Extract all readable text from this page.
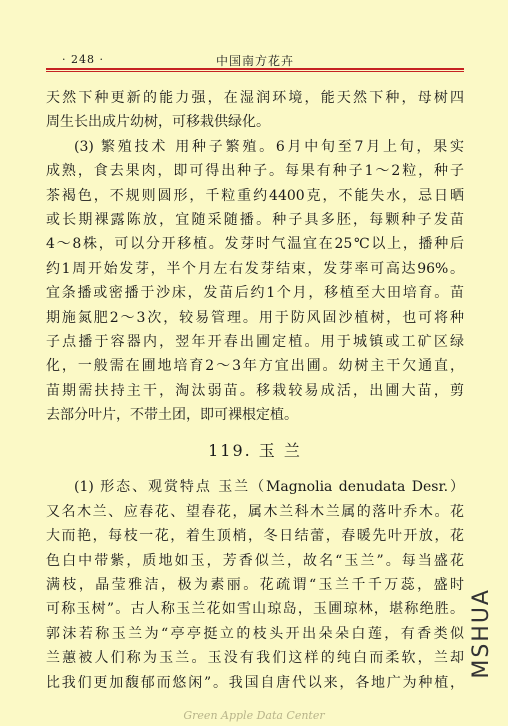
· 248 ·	中国南方花卉
天然下种更新的能力强，在湿润环境，能天然下种，母树四
周生长出成片幼树，可移栽供绿化。
(3) 繁殖技术 用种子繁殖。6月中旬至7月上旬，果实
成熟，食去果肉，即可得出种子。每果有种子1～2粒，种子
茶褐色，不规则圆形，千粒重约4400克，不能失水，忌日晒
或长期裸露陈放，宜随采随播。种子具多胚，每颗种子发苗
4～8株，可以分开移植。发芽时气温宜在25℃以上，播种后
约1周开始发芽，半个月左右发芽结束，发芽率可高达96%。
宜条播或密播于沙床，发苗后约1个月，移植至大田培育。苗
期施氮肥2～3次，较易管理。用于防风固沙植树，也可将种
子点播于容器内，翌年开春出圃定植。用于城镇或工矿区绿
化，一般需在圃地培育2～3年方宜出圃。幼树主干欠通直，
苗期需扶持主干，淘汰弱苗。移栽较易成活，出圃大苗，剪
去部分叶片，不带土团，即可裸根定植。
119. 玉 兰
(1) 形态、观赏特点 玉兰（Magnolia denudata Desr.）
又名木兰、应春花、望春花，属木兰科木兰属的落叶乔木。花
大而艳，每枝一花，着生顶梢，冬日结蕾，春暖先叶开放，花
色白中带紫，质地如玉，芳香似兰，故名“玉兰”。每当盛花
满枝，晶莹雅洁，极为素丽。花疏谓“玉兰千千万蕊，盛时
可称玉树”。古人称玉兰花如雪山琼岛，玉圃琼林，堪称绝胜。
郭沫若称玉兰为“亭亭挺立的枝头开出朵朵白莲，有香类似
兰蕙被人们称为玉兰。玉没有我们这样的纯白而柔软，兰却
比我们更加馥郁而悠闲”。我国自唐代以来，各地广为种植，
MSHUA
Green Apple Data Center
